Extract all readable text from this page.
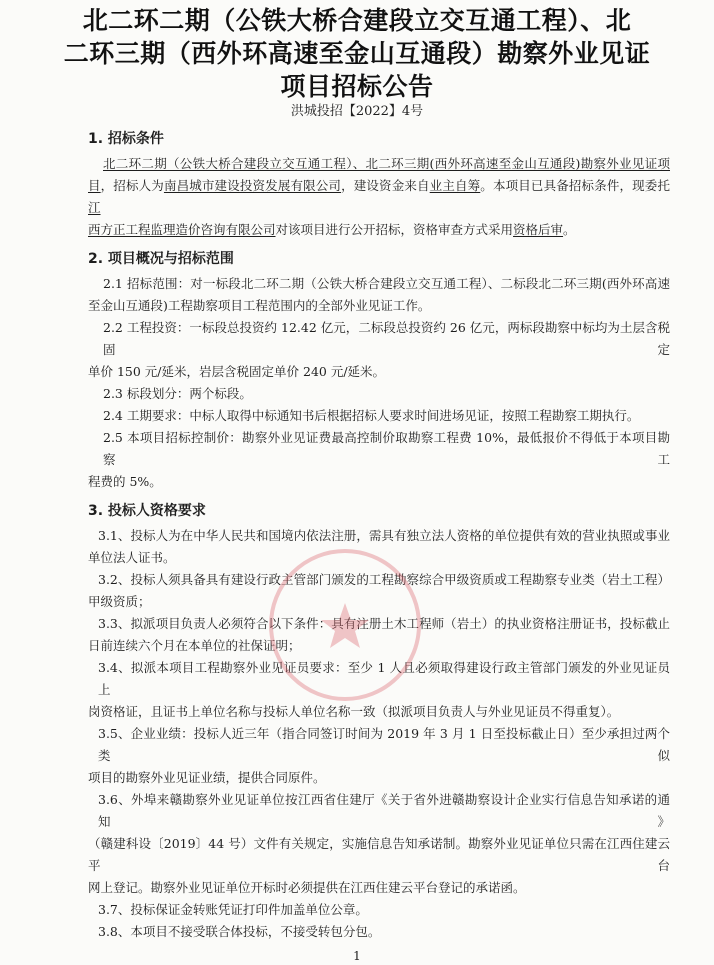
北二环二期（公铁大桥合建段立交互通工程）、北
二环三期（西外环高速至金山互通段）勘察外业见证
项目招标公告
洪城投招【2022】4号
1. 招标条件
北二环二期（公铁大桥合建段立交互通工程）、北二环三期(西外环高速至金山互通段)勘察外业见证项
目，招标人为南昌城市建设投资发展有限公司，建设资金来自业主自筹。本项目已具备招标条件，现委托江
西方正工程监理造价咨询有限公司对该项目进行公开招标，资格审查方式采用资格后审。
2. 项目概况与招标范围
2.1 招标范围：对一标段北二环二期（公铁大桥合建段立交互通工程）、二标段北二环三期(西外环高速
至金山互通段)工程勘察项目工程范围内的全部外业见证工作。
2.2 工程投资：一标段总投资约 12.42 亿元，二标段总投资约 26 亿元，两标段勘察中标均为土层含税固定
单价 150 元/延米，岩层含税固定单价 240 元/延米。
2.3 标段划分：两个标段。
2.4 工期要求：中标人取得中标通知书后根据招标人要求时间进场见证，按照工程勘察工期执行。
2.5 本项目招标控制价：勘察外业见证费最高控制价取勘察工程费 10%，最低报价不得低于本项目勘察工
程费的 5%。
3. 投标人资格要求
3.1、投标人为在中华人民共和国境内依法注册，需具有独立法人资格的单位提供有效的营业执照或事业
单位法人证书。
3.2、投标人须具备具有建设行政主管部门颁发的工程勘察综合甲级资质或工程勘察专业类（岩土工程）
甲级资质；
3.3、拟派项目负责人必须符合以下条件：具有注册土木工程师（岩土）的执业资格注册证书，投标截止
日前连续六个月在本单位的社保证明；
3.4、拟派本项目工程勘察外业见证员要求：至少 1 人且必须取得建设行政主管部门颁发的外业见证员上
岗资格证，且证书上单位名称与投标人单位名称一致（拟派项目负责人与外业见证员不得重复）。
3.5、企业业绩：投标人近三年（指合同签订时间为 2019 年 3 月 1 日至投标截止日）至少承担过两个类似
项目的勘察外业见证业绩，提供合同原件。
3.6、外埠来赣勘察外业见证单位按江西省住建厅《关于省外进赣勘察设计企业实行信息告知承诺的通知》
（赣建科设〔2019〕44 号）文件有关规定，实施信息告知承诺制。勘察外业见证单位只需在江西住建云平台
网上登记。勘察外业见证单位开标时必须提供在江西住建云平台登记的承诺函。
3.7、投标保证金转账凭证打印件加盖单位公章。
3.8、本项目不接受联合体投标，不接受转包分包。
1
